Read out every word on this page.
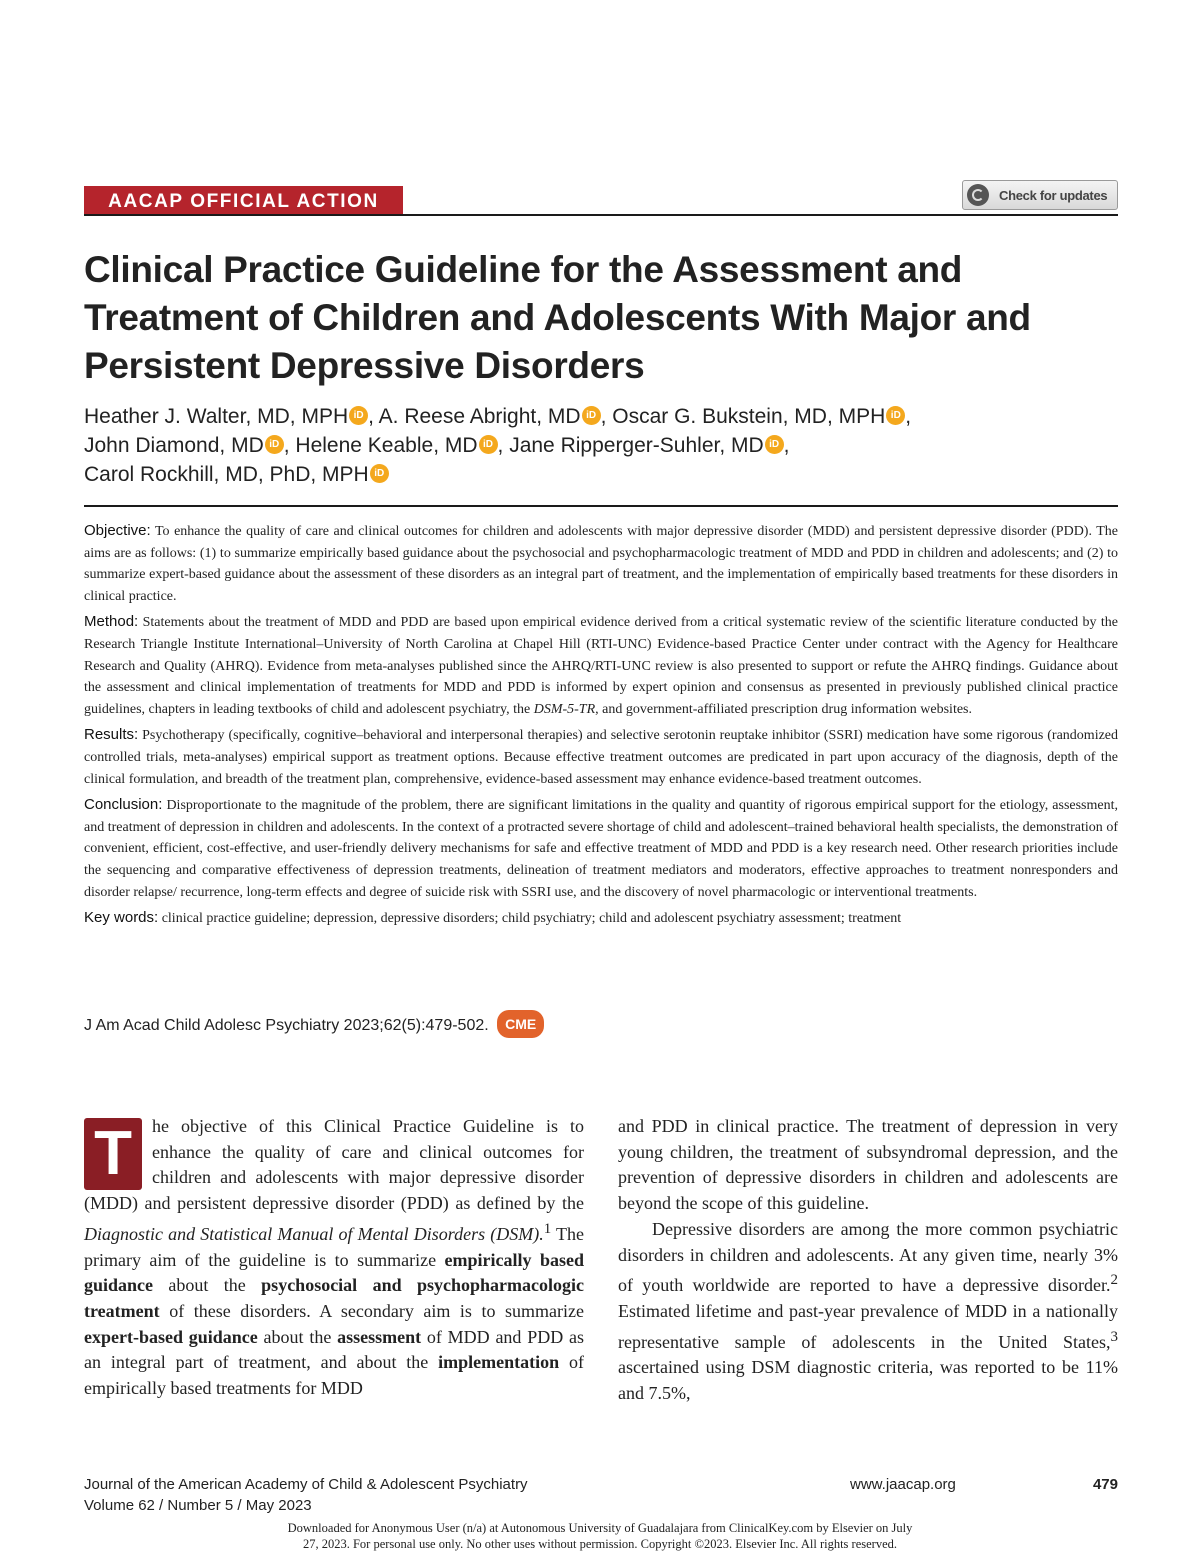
AACAP OFFICIAL ACTION	Check for updates
Clinical Practice Guideline for the Assessment and Treatment of Children and Adolescents With Major and Persistent Depressive Disorders
Heather J. Walter, MD, MPH iD , A. Reese Abright, MD iD , Oscar G. Bukstein, MD, MPH iD ,
John Diamond, MD iD , Helene Keable, MD iD , Jane Ripperger-Suhler, MD iD ,
Carol Rockhill, MD, PhD, MPHiD

Objective: To enhance the quality of care and clinical outcomes for children and adolescents with major depressive disorder (MDD) and persistent depressive disorder (PDD). The aims are as follows: (1) to summarize empirically based guidance about the psychosocial and psychopharmacologic treatment of MDD and PDD in children and adolescents; and (2) to summarize expert-based guidance about the assessment of these disorders as an integral part of treatment, and the implementation of empirically based treatments for these disorders in clinical practice.

Method: Statements about the treatment of MDD and PDD are based upon empirical evidence derived from a critical systematic review of the scientific literature conducted by the Research Triangle Institute International–University of North Carolina at Chapel Hill (RTI-UNC) Evidence-based Practice Center under contract with the Agency for Healthcare Research and Quality (AHRQ). Evidence from meta-analyses published since the AHRQ/RTI-UNC review is also presented to support or refute the AHRQ findings. Guidance about the assessment and clinical implementation of treatments for MDD and PDD is informed by expert opinion and consensus as presented in previously published clinical practice guidelines, chapters in leading textbooks of child and adolescent psychiatry, the DSM-5-TR, and government-affiliated prescription drug information websites.

Results: Psychotherapy (specifically, cognitive–behavioral and interpersonal therapies) and selective serotonin reuptake inhibitor (SSRI) medication have some rigorous (randomized controlled trials, meta-analyses) empirical support as treatment options. Because effective treatment outcomes are predicated in part upon accuracy of the diagnosis, depth of the clinical formulation, and breadth of the treatment plan, comprehensive, evidence-based assessment may enhance evidence-based treatment outcomes.

Conclusion: Disproportionate to the magnitude of the problem, there are significant limitations in the quality and quantity of rigorous empirical support for the etiology, assessment, and treatment of depression in children and adolescents. In the context of a protracted severe shortage of child and adolescent–trained behavioral health specialists, the demonstration of convenient, efficient, cost-effective, and user-friendly delivery mechanisms for safe and effective treatment of MDD and PDD is a key research need. Other research priorities include the sequencing and comparative effectiveness of depression treatments, delineation of treatment mediators and moderators, effective approaches to treatment nonresponders and disorder relapse/ recurrence, long-term effects and degree of suicide risk with SSRI use, and the discovery of novel pharmacologic or interventional treatments.

Key words: clinical practice guideline; depression, depressive disorders; child psychiatry; child and adolescent psychiatry assessment; treatment

J Am Acad Child Adolesc Psychiatry 2023;62(5):479-502. CME

T	he objective of this Clinical Practice Guideline is to enhance the quality of care and clinical outcomes for children and adolescents with major depressive disorder (MDD) and persistent depressive disorder (PDD) as defined by the Diagnostic and Statistical Manual of Mental Disorders (DSM).$^1$ The primary aim of the guideline is to summarize empirically based guidance about the psychosocial and psychopharmacologic treatment of these disorders. A secondary aim is to summarize expert-based guidance about the assessment of MDD and PDD as an integral part of treatment, and about the implementation of empirically based treatments for MDD

and PDD in clinical practice. The treatment of depression in very young children, the treatment of subsyndromal depression, and the prevention of depressive disorders in children and adolescents are beyond the scope of this guideline.

Depressive disorders are among the more common psychiatric disorders in children and adolescents. At any given time, nearly 3% of youth worldwide are reported to have a depressive disorder.$^2$ Estimated lifetime and past-year prevalence of MDD in a nationally representative sample of adolescents in the United States,$^3$ ascertained using DSM diagnostic criteria, was reported to be 11% and 7.5%,

Journal of the American Academy of Child & Adolescent Psychiatry
Volume 62 / Number 5 / May 2023
www.jaacap.org	479
Downloaded for Anonymous User (n/a) at Autonomous University of Guadalajara from ClinicalKey.com by Elsevier on July
27, 2023. For personal use only. No other uses without permission. Copyright ©2023. Elsevier Inc. All rights reserved.
